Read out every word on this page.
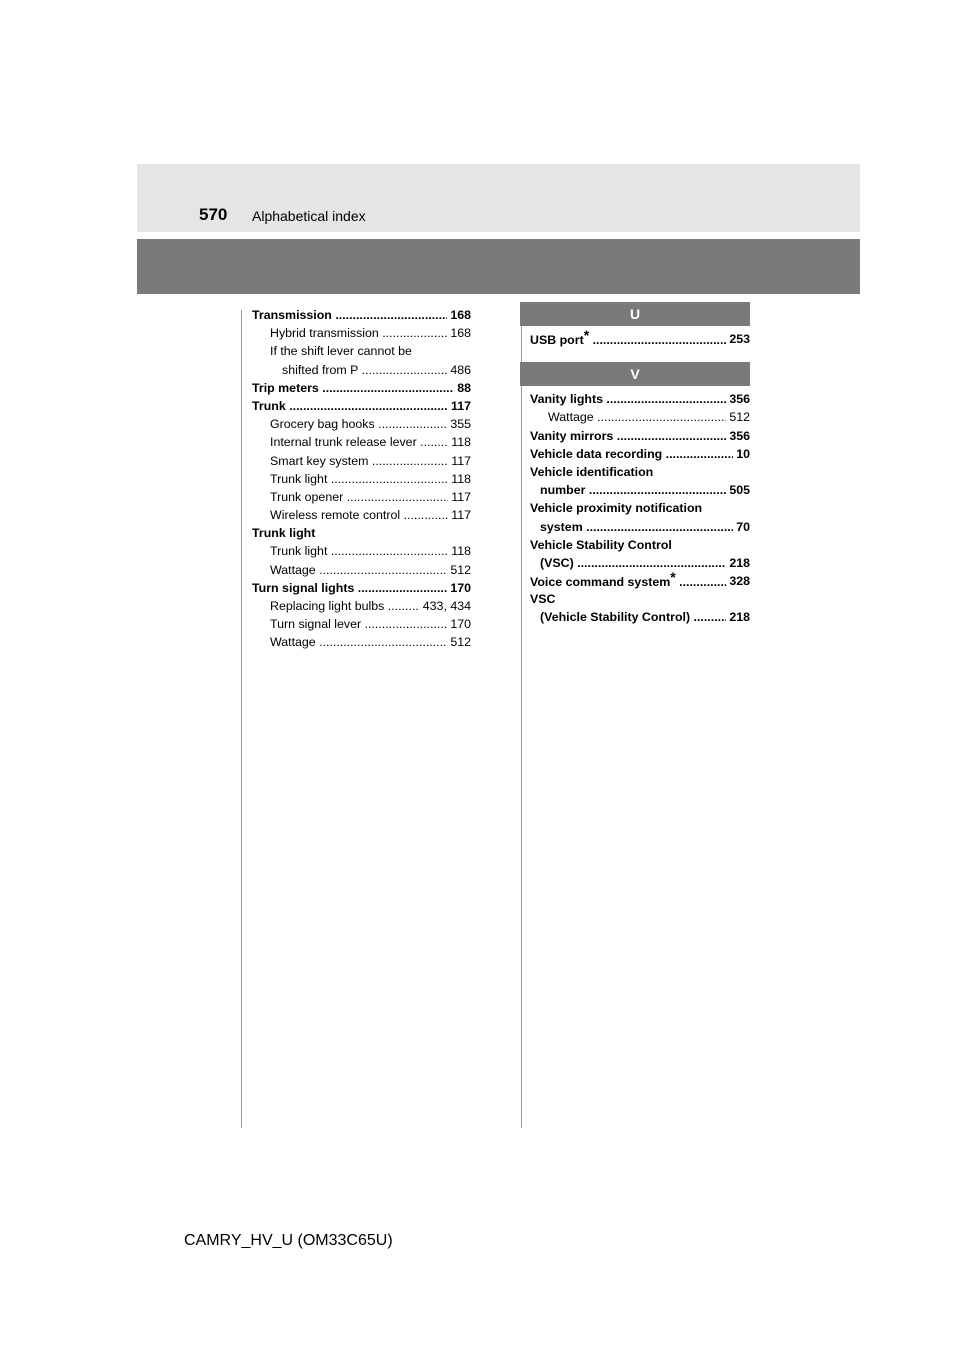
570 Alphabetical index
Transmission .....	168
Hybrid transmission .....	168
If the shift lever cannot be
shifted from P .....	486
Trip meters .....	88
Trunk .....	117
Grocery bag hooks .....	355
Internal trunk release lever .....	118
Smart key system .....	117
Trunk light .....	118
Trunk opener .....	117
Wireless remote control .....	117
Trunk light
Trunk light .....	118
Wattage .....	512
Turn signal lights .....	170
Replacing light bulbs .....	433, 434
Turn signal lever .....	170
Wattage .....	512
U
USB port* .....	253
V
Vanity lights .....	356
Wattage .....	512
Vanity mirrors .....	356
Vehicle data recording .....	10
Vehicle identification
number .....	505
Vehicle proximity notification
system .....	70
Vehicle Stability Control
(VSC) .....	218
Voice command system* .....	328
VSC
(Vehicle Stability Control) .....	218
CAMRY_HV_U (OM33C65U)
